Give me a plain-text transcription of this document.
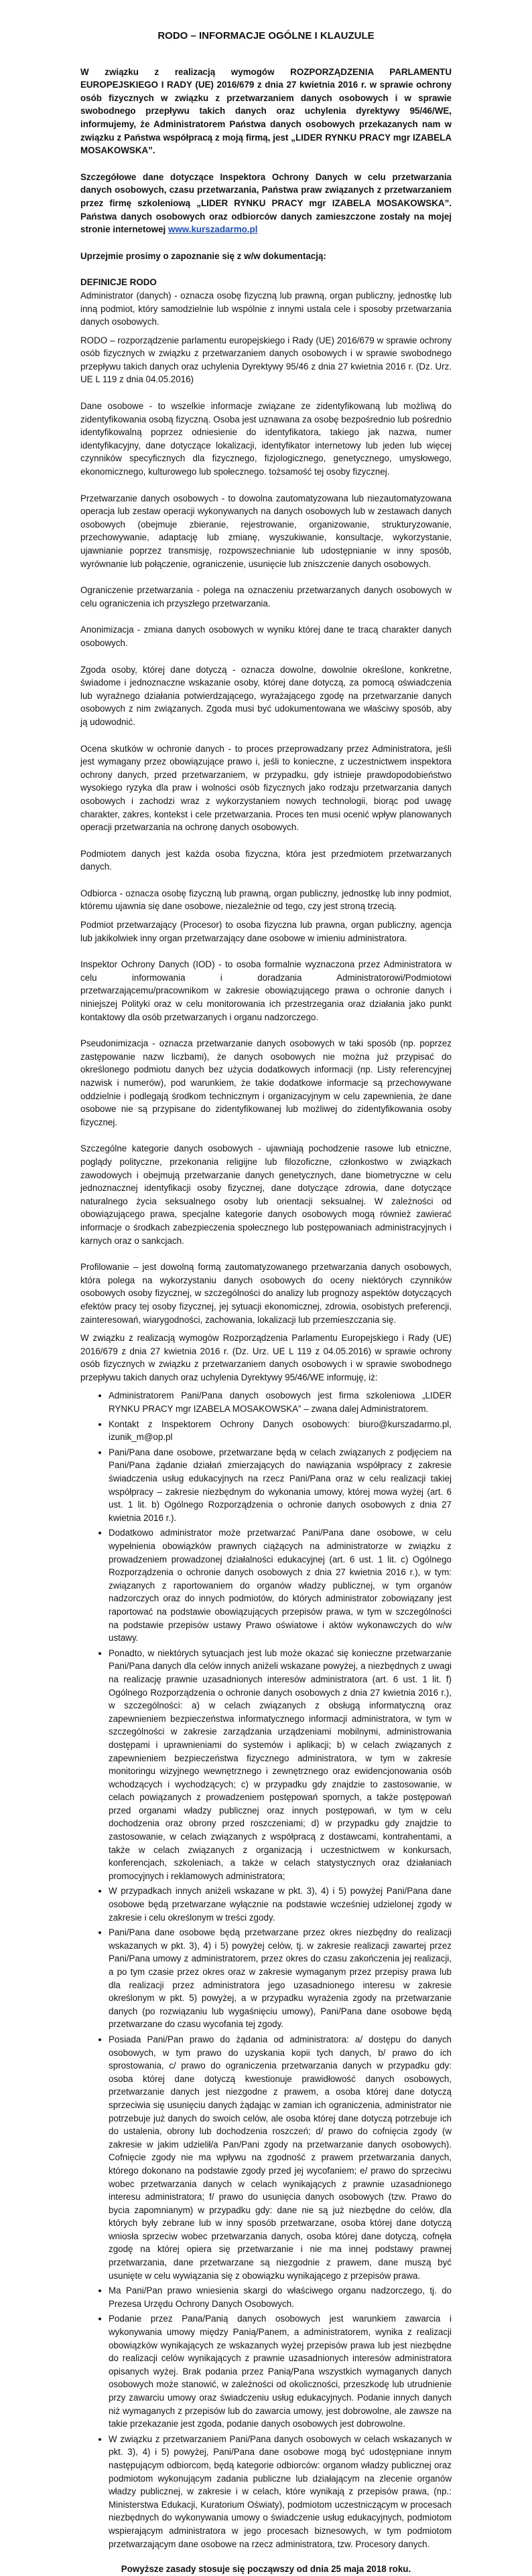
RODO – INFORMACJE OGÓLNE I KLAUZULE

W związku z realizacją wymogów ROZPORZĄDZENIA PARLAMENTU EUROPEJSKIEGO I RADY (UE) 2016/679 z dnia 27 kwietnia 2016 r. w sprawie ochrony osób fizycznych w związku z przetwarzaniem danych osobowych i w sprawie swobodnego przepływu takich danych oraz uchylenia dyrektywy 95/46/WE, informujemy, że Administratorem Państwa danych osobowych przekazanych nam w związku z Państwa współpracą z moją firmą, jest „LIDER RYNKU PRACY mgr IZABELA MOSAKOWSKA”.

Szczegółowe dane dotyczące Inspektora Ochrony Danych w celu przetwarzania danych osobowych, czasu przetwarzania, Państwa praw związanych z przetwarzaniem przez firmę szkoleniową „LIDER RYNKU PRACY mgr IZABELA MOSAKOWSKA”. Państwa danych osobowych oraz odbiorców danych zamieszczone zostały na mojej stronie internetowej www.kurszadarmo.pl

Uprzejmie prosimy o zapoznanie się z w/w dokumentacją:

DEFINICJE RODO

Administrator (danych) - oznacza osobę fizyczną lub prawną, organ publiczny, jednostkę lub inną podmiot, który samodzielnie lub wspólnie z innymi ustala cele i sposoby przetwarzania danych osobowych.

RODO – rozporządzenie parlamentu europejskiego i Rady (UE) 2016/679 w sprawie ochrony osób fizycznych w związku z przetwarzaniem danych osobowych i w sprawie swobodnego przepływu takich danych oraz uchylenia Dyrektywy 95/46 z dnia 27 kwietnia 2016 r. (Dz. Urz. UE L 119 z dnia 04.05.2016)

Dane osobowe - to wszelkie informacje związane ze zidentyfikowaną lub możliwą do zidentyfikowania osobą fizyczną. Osoba jest uznawana za osobę bezpośrednio lub pośrednio identyfikowalną poprzez odniesienie do identyfikatora, takiego jak nazwa, numer identyfikacyjny, dane dotyczące lokalizacji, identyfikator internetowy lub jeden lub więcej czynników specyficznych dla fizycznego, fizjologicznego, genetycznego, umysłowego, ekonomicznego, kulturowego lub społecznego. tożsamość tej osoby fizycznej.

Przetwarzanie danych osobowych - to dowolna zautomatyzowana lub niezautomatyzowana operacja lub zestaw operacji wykonywanych na danych osobowych lub w zestawach danych osobowych (obejmuje zbieranie, rejestrowanie, organizowanie, strukturyzowanie, przechowywanie, adaptację lub zmianę, wyszukiwanie, konsultacje, wykorzystanie, ujawnianie poprzez transmisję, rozpowszechnianie lub udostępnianie w inny sposób, wyrównanie lub połączenie, ograniczenie, usunięcie lub zniszczenie danych osobowych.

Ograniczenie przetwarzania - polega na oznaczeniu przetwarzanych danych osobowych w celu ograniczenia ich przyszłego przetwarzania.

Anonimizacja - zmiana danych osobowych w wyniku której dane te tracą charakter danych osobowych.

Zgoda osoby, której dane dotyczą - oznacza dowolne, dowolnie określone, konkretne, świadome i jednoznaczne wskazanie osoby, której dane dotyczą, za pomocą oświadczenia lub wyraźnego działania potwierdzającego, wyrażającego zgodę na przetwarzanie danych osobowych z nim związanych. Zgoda musi być udokumentowana we właściwy sposób, aby ją udowodnić.

Ocena skutków w ochronie danych - to proces przeprowadzany przez Administratora, jeśli jest wymagany przez obowiązujące prawo i, jeśli to konieczne, z uczestnictwem inspektora ochrony danych, przed przetwarzaniem, w przypadku, gdy istnieje prawdopodobieństwo wysokiego ryzyka dla praw i wolności osób fizycznych jako rodzaju przetwarzania danych osobowych i zachodzi wraz z wykorzystaniem nowych technologii, biorąc pod uwagę charakter, zakres, kontekst i cele przetwarzania. Proces ten musi ocenić wpływ planowanych operacji przetwarzania na ochronę danych osobowych.

Podmiotem danych jest każda osoba fizyczna, która jest przedmiotem przetwarzanych danych.

Odbiorca - oznacza osobę fizyczną lub prawną, organ publiczny, jednostkę lub inny podmiot, któremu ujawnia się dane osobowe, niezależnie od tego, czy jest stroną trzecią.

Podmiot przetwarzający (Procesor) to osoba fizyczna lub prawna, organ publiczny, agencja lub jakikolwiek inny organ przetwarzający dane osobowe w imieniu administratora.

Inspektor Ochrony Danych (IOD) - to osoba formalnie wyznaczona przez Administratora w celu informowania i doradzania Administratorowi/Podmiotowi przetwarzającemu/pracownikom w zakresie obowiązującego prawa o ochronie danych i niniejszej Polityki oraz w celu monitorowania ich przestrzegania oraz działania jako punkt kontaktowy dla osób przetwarzanych i organu nadzorczego.

Pseudonimizacja - oznacza przetwarzanie danych osobowych w taki sposób (np. poprzez zastępowanie nazw liczbami), że danych osobowych nie można już przypisać do określonego podmiotu danych bez użycia dodatkowych informacji (np. Listy referencyjnej nazwisk i numerów), pod warunkiem, że takie dodatkowe informacje są przechowywane oddzielnie i podlegają środkom technicznym i organizacyjnym w celu zapewnienia, że dane osobowe nie są przypisane do zidentyfikowanej lub możliwej do zidentyfikowania osoby fizycznej.

Szczególne kategorie danych osobowych - ujawniają pochodzenie rasowe lub etniczne, poglądy polityczne, przekonania religijne lub filozoficzne, członkostwo w związkach zawodowych i obejmują przetwarzanie danych genetycznych, dane biometryczne w celu jednoznacznej identyfikacji osoby fizycznej, dane dotyczące zdrowia, dane dotyczące naturalnego życia seksualnego osoby lub orientacji seksualnej. W zależności od obowiązującego prawa, specjalne kategorie danych osobowych mogą również zawierać informacje o środkach zabezpieczenia społecznego lub postępowaniach administracyjnych i karnych oraz o sankcjach.

Profilowanie – jest dowolną formą zautomatyzowanego przetwarzania danych osobowych, która polega na wykorzystaniu danych osobowych do oceny niektórych czynników osobowych osoby fizycznej, w szczególności do analizy lub prognozy aspektów dotyczących efektów pracy tej osoby fizycznej, jej sytuacji ekonomicznej, zdrowia, osobistych preferencji, zainteresowań, wiarygodności, zachowania, lokalizacji lub przemieszczania się.

W związku z realizacją wymogów Rozporządzenia Parlamentu Europejskiego i Rady (UE) 2016/679 z dnia 27 kwietnia 2016 r. (Dz. Urz. UE L 119 z 04.05.2016) w sprawie ochrony osób fizycznych w związku z przetwarzaniem danych osobowych i w sprawie swobodnego przepływu takich danych oraz uchylenia Dyrektywy 95/46/WE informuję, iż:

• Administratorem Pani/Pana danych osobowych jest firma szkoleniowa „LIDER RYNKU PRACY mgr IZABELA MOSAKOWSKA” – zwana dalej Administratorem.
• Kontakt z Inspektorem Ochrony Danych osobowych: biuro@kurszadarmo.pl, izunik_m@op.pl
• Pani/Pana dane osobowe, przetwarzane będą w celach związanych z podjęciem na Pani/Pana żądanie działań zmierzających do nawiązania współpracy z zakresie świadczenia usług edukacyjnych na rzecz Pani/Pana oraz w celu realizacji takiej współpracy – zakresie niezbędnym do wykonania umowy, której mowa wyżej (art. 6 ust. 1 lit. b) Ogólnego Rozporządzenia o ochronie danych osobowych z dnia 27 kwietnia 2016 r.).
• Dodatkowo administrator może przetwarzać Pani/Pana dane osobowe, w celu wypełnienia obowiązków prawnych ciążących na administratorze w związku z prowadzeniem prowadzonej działalności edukacyjnej (art. 6 ust. 1 lit. c) Ogólnego Rozporządzenia o ochronie danych osobowych z dnia 27 kwietnia 2016 r.), w tym: związanych z raportowaniem do organów władzy publicznej, w tym organów nadzorczych oraz do innych podmiotów, do których administrator zobowiązany jest raportować na podstawie obowiązujących przepisów prawa, w tym w szczególności na podstawie przepisów ustawy Prawo oświatowe i aktów wykonawczych do w/w ustawy.
• Ponadto, w niektórych sytuacjach jest lub może okazać się konieczne przetwarzanie Pani/Pana danych dla celów innych aniżeli wskazane powyżej, a niezbędnych z uwagi na realizację prawnie uzasadnionych interesów administratora (art. 6 ust. 1 lit. f) Ogólnego Rozporządzenia o ochronie danych osobowych z dnia 27 kwietnia 2016 r.), w szczególności: a) w celach związanych z obsługą informatyczną oraz zapewnieniem bezpieczeństwa informatycznego informacji administratora, w tym w szczególności w zakresie zarządzania urządzeniami mobilnymi, administrowania dostępami i uprawnieniami do systemów i aplikacji; b) w celach związanych z zapewnieniem bezpieczeństwa fizycznego administratora, w tym w zakresie monitoringu wizyjnego wewnętrznego i zewnętrznego oraz ewidencjonowania osób wchodzących i wychodzących; c) w przypadku gdy znajdzie to zastosowanie, w celach powiązanych z prowadzeniem postępowań spornych, a także postępowań przed organami władzy publicznej oraz innych postępowań, w tym w celu dochodzenia oraz obrony przed roszczeniami; d) w przypadku gdy znajdzie to zastosowanie, w celach związanych z współpracą z dostawcami, kontrahentami, a także w celach związanych z organizacją i uczestnictwem w konkursach, konferencjach, szkoleniach, a także w celach statystycznych oraz działaniach promocyjnych i reklamowych administratora;
• W przypadkach innych aniżeli wskazane w pkt. 3), 4) i 5) powyżej Pani/Pana dane osobowe będą przetwarzane wyłącznie na podstawie wcześniej udzielonej zgody w zakresie i celu określonym w treści zgody.
• Pani/Pana dane osobowe będą przetwarzane przez okres niezbędny do realizacji wskazanych w pkt. 3), 4) i 5) powyżej celów, tj. w zakresie realizacji zawartej przez Pani/Pana umowy z administratorem, przez okres do czasu zakończenia jej realizacji, a po tym czasie przez okres oraz w zakresie wymaganym przez przepisy prawa lub dla realizacji przez administratora jego uzasadnionego interesu w zakresie określonym w pkt. 5) powyżej, a w przypadku wyrażenia zgody na przetwarzanie danych (po rozwiązaniu lub wygaśnięciu umowy), Pani/Pana dane osobowe będą przetwarzane do czasu wycofania tej zgody.
• Posiada Pani/Pan prawo do żądania od administratora: a/ dostępu do danych osobowych, w tym prawo do uzyskania kopii tych danych, b/ prawo do ich sprostowania, c/ prawo do ograniczenia przetwarzania danych w przypadku gdy: osoba której dane dotyczą kwestionuje prawidłowość danych osobowych, przetwarzanie danych jest niezgodne z prawem, a osoba której dane dotyczą sprzeciwia się usunięciu danych żądając w zamian ich ograniczenia, administrator nie potrzebuje już danych do swoich celów, ale osoba której dane dotyczą potrzebuje ich do ustalenia, obrony lub dochodzenia roszczeń; d/ prawo do cofnięcia zgody (w zakresie w jakim udzielił/a Pan/Pani zgody na przetwarzanie danych osobowych). Cofnięcie zgody nie ma wpływu na zgodność z prawem przetwarzania danych, którego dokonano na podstawie zgody przed jej wycofaniem; e/ prawo do sprzeciwu wobec przetwarzania danych w celach wynikających z prawnie uzasadnionego interesu administratora; f/ prawo do usunięcia danych osobowych (tzw. Prawo do bycia zapomnianym) w przypadku gdy: dane nie są już niezbędne do celów, dla których były zebrane lub w inny sposób przetwarzane, osoba której dane dotyczą wniosła sprzeciw wobec przetwarzania danych, osoba której dane dotyczą, cofnęła zgodę na której opiera się przetwarzanie i nie ma innej podstawy prawnej przetwarzania, dane przetwarzane są niezgodnie z prawem, dane muszą być usunięte w celu wywiązania się z obowiązku wynikającego z przepisów prawa.
• Ma Pani/Pan prawo wniesienia skargi do właściwego organu nadzorczego, tj. do Prezesa Urzędu Ochrony Danych Osobowych.
• Podanie przez Pana/Panią danych osobowych jest warunkiem zawarcia i wykonywania umowy między Panią/Panem, a administratorem, wynika z realizacji obowiązków wynikających ze wskazanych wyżej przepisów prawa lub jest niezbędne do realizacji celów wynikających z prawnie uzasadnionych interesów administratora opisanych wyżej. Brak podania przez Panią/Pana wszystkich wymaganych danych osobowych może stanowić, w zależności od okoliczności, przeszkodę lub utrudnienie przy zawarciu umowy oraz świadczeniu usług edukacyjnych. Podanie innych danych niż wymaganych z przepisów lub do zawarcia umowy, jest dobrowolne, ale zawsze na takie przekazanie jest zgoda, podanie danych osobowych jest dobrowolne.
• W związku z przetwarzaniem Pani/Pana danych osobowych w celach wskazanych w pkt. 3), 4) i 5) powyżej, Pani/Pana dane osobowe mogą być udostępniane innym następującym odbiorcom, będą kategorie odbiorców: organom władzy publicznej oraz podmiotom wykonującym zadania publiczne lub działającym na zlecenie organów władzy publicznej, w zakresie i w celach, które wynikają z przepisów prawa, (np.: Ministerstwa Edukacji, Kuratorium Oświaty), podmiotom uczestniczącym w procesach niezbędnych do wykonywania umowy o świadczenie usług edukacyjnych, podmiotom wspierającym administratora w jego procesach biznesowych, w tym podmiotom przetwarzającym dane osobowe na rzecz administratora, tzw. Procesory danych.
Powyższe zasady stosuje się począwszy od dnia 25 maja 2018 roku.
